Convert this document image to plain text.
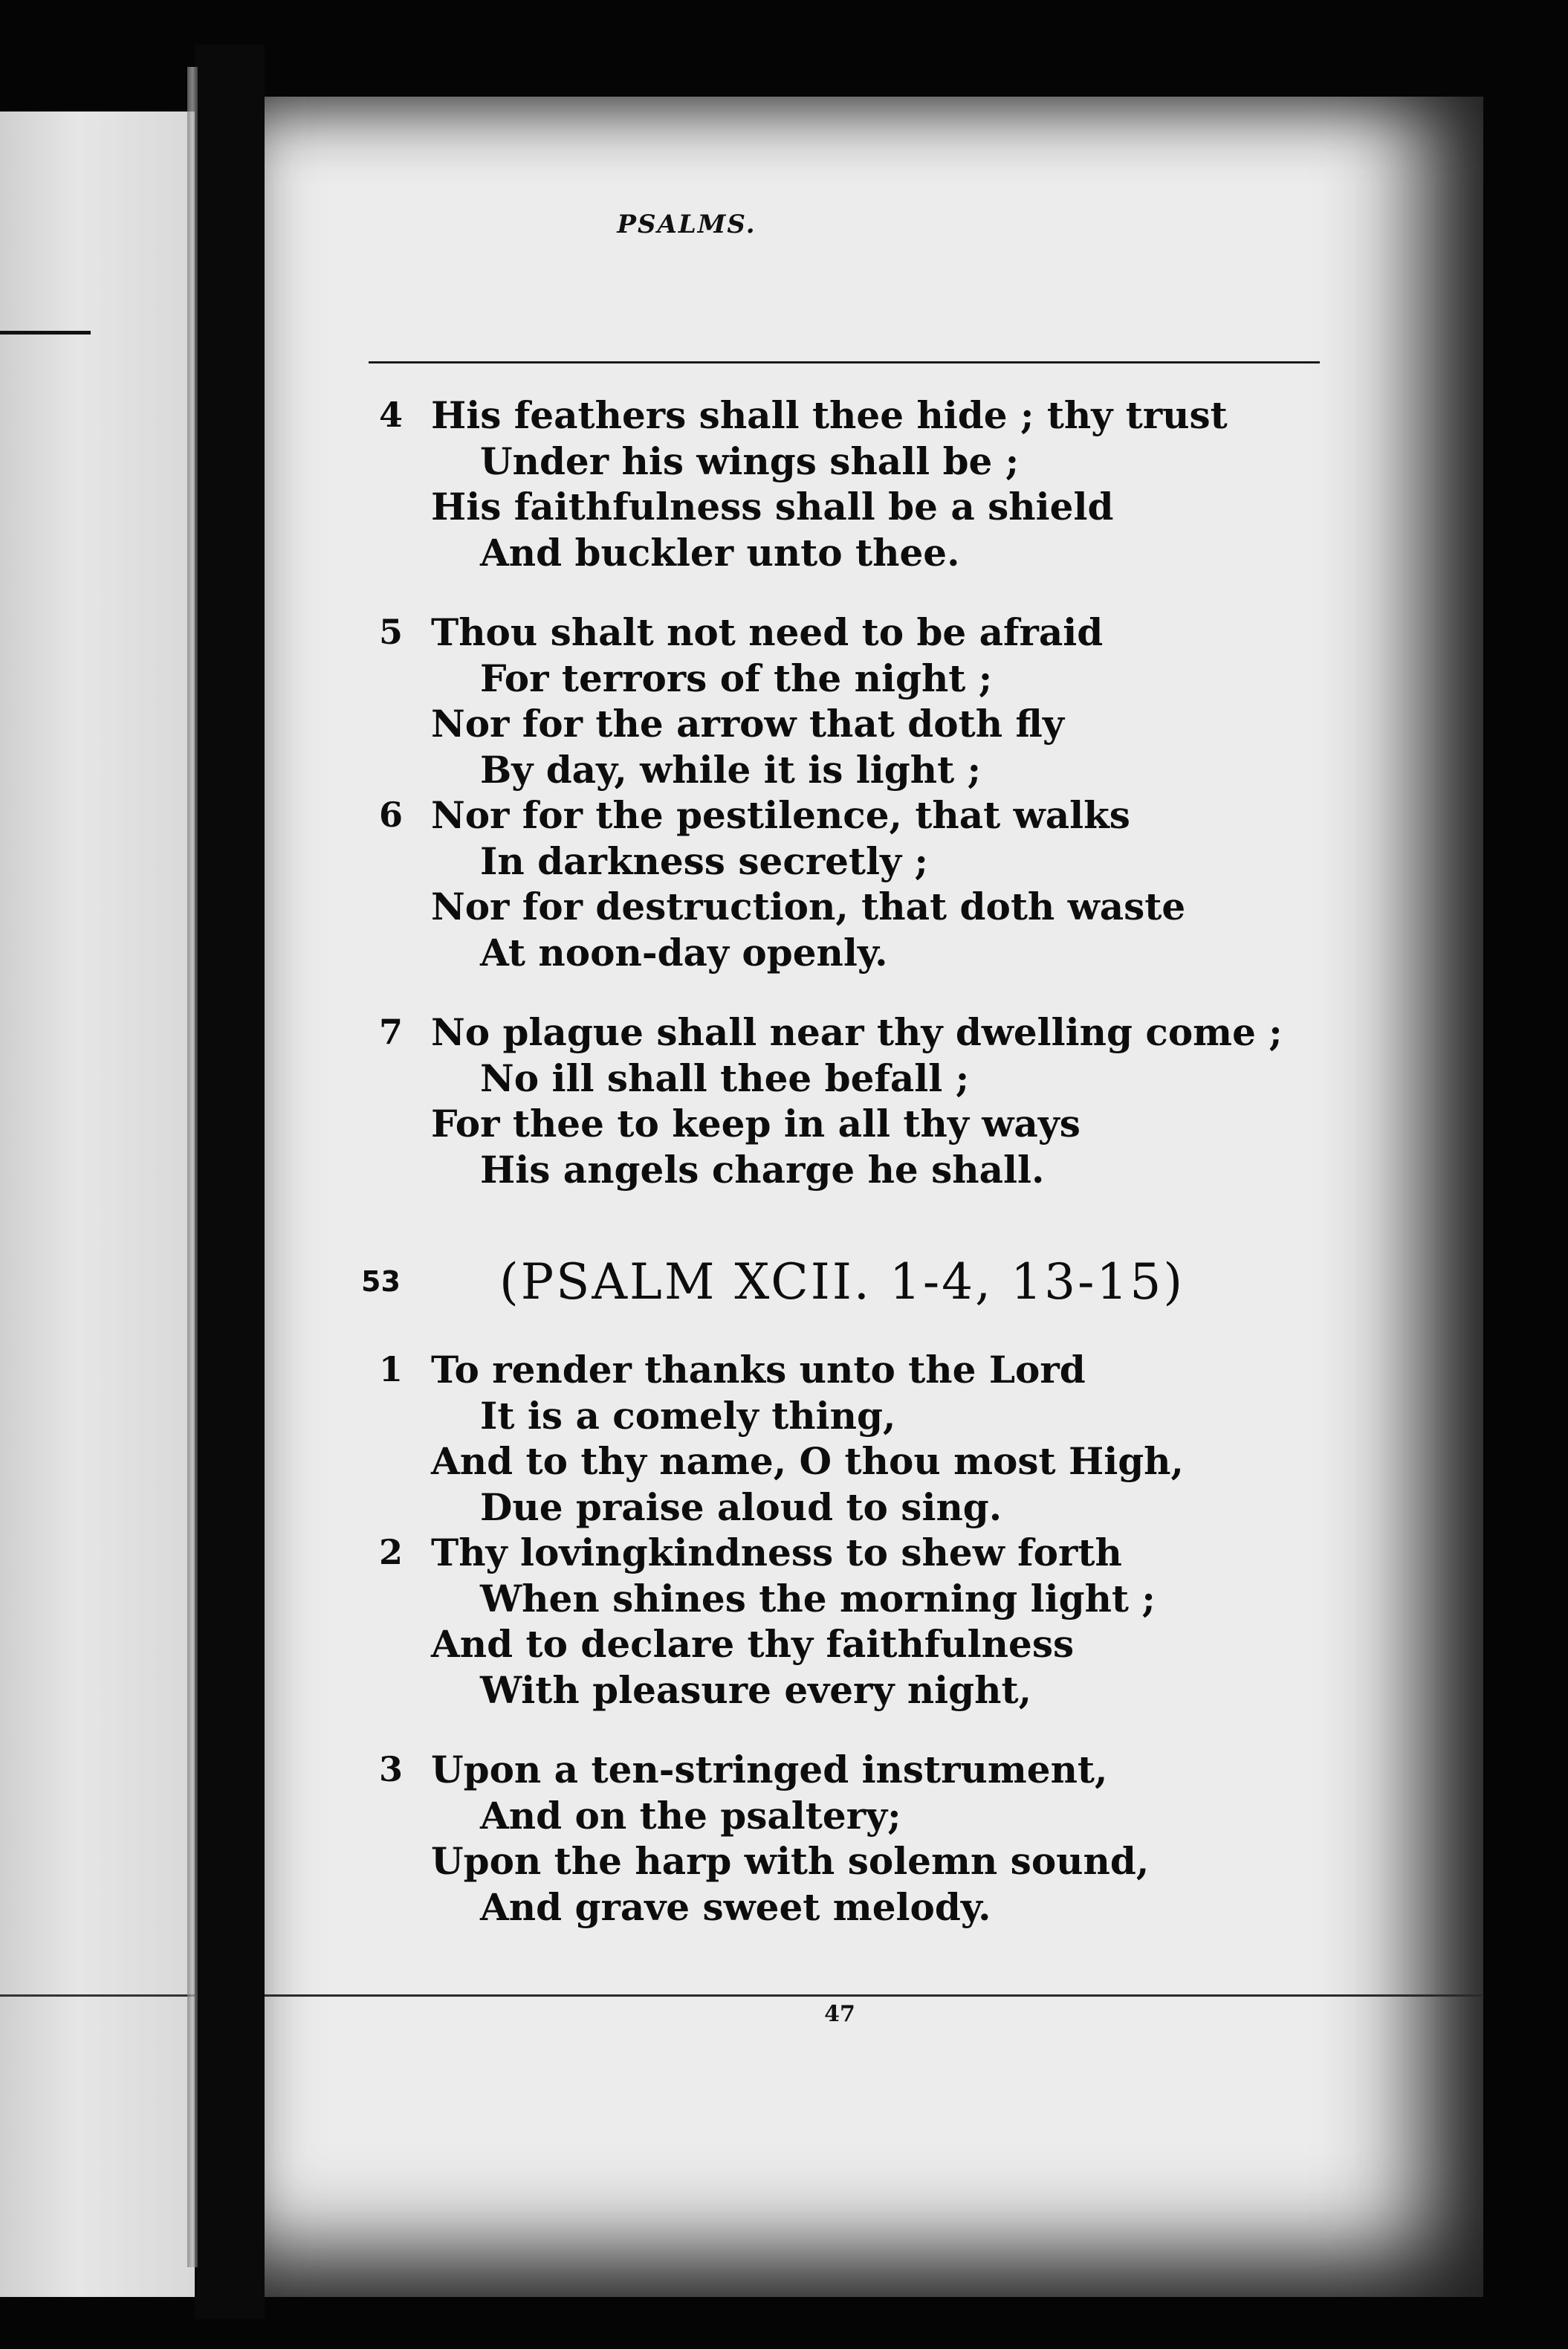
PSALMS.
4 His feathers shall thee hide ; thy trust
Under his wings shall be ;
His faithfulness shall be a shield
And buckler unto thee.
5 Thou shalt not need to be afraid
For terrors of the night ;
Nor for the arrow that doth fly
By day, while it is light ;
6 Nor for the pestilence, that walks
In darkness secretly ;
Nor for destruction, that doth waste
At noon-day openly.
7 No plague shall near thy dwelling come ;
No ill shall thee befall ;
For thee to keep in all thy ways
His angels charge he shall.
53 (PSALM XCII. 1-4, 13-15)
1 To render thanks unto the Lord
It is a comely thing,
And to thy name, O thou most High,
Due praise aloud to sing.
2 Thy lovingkindness to shew forth
When shines the morning light ;
And to declare thy faithfulness
With pleasure every night,
3 Upon a ten-stringed instrument,
And on the psaltery;
Upon the harp with solemn sound,
And grave sweet melody.
47
